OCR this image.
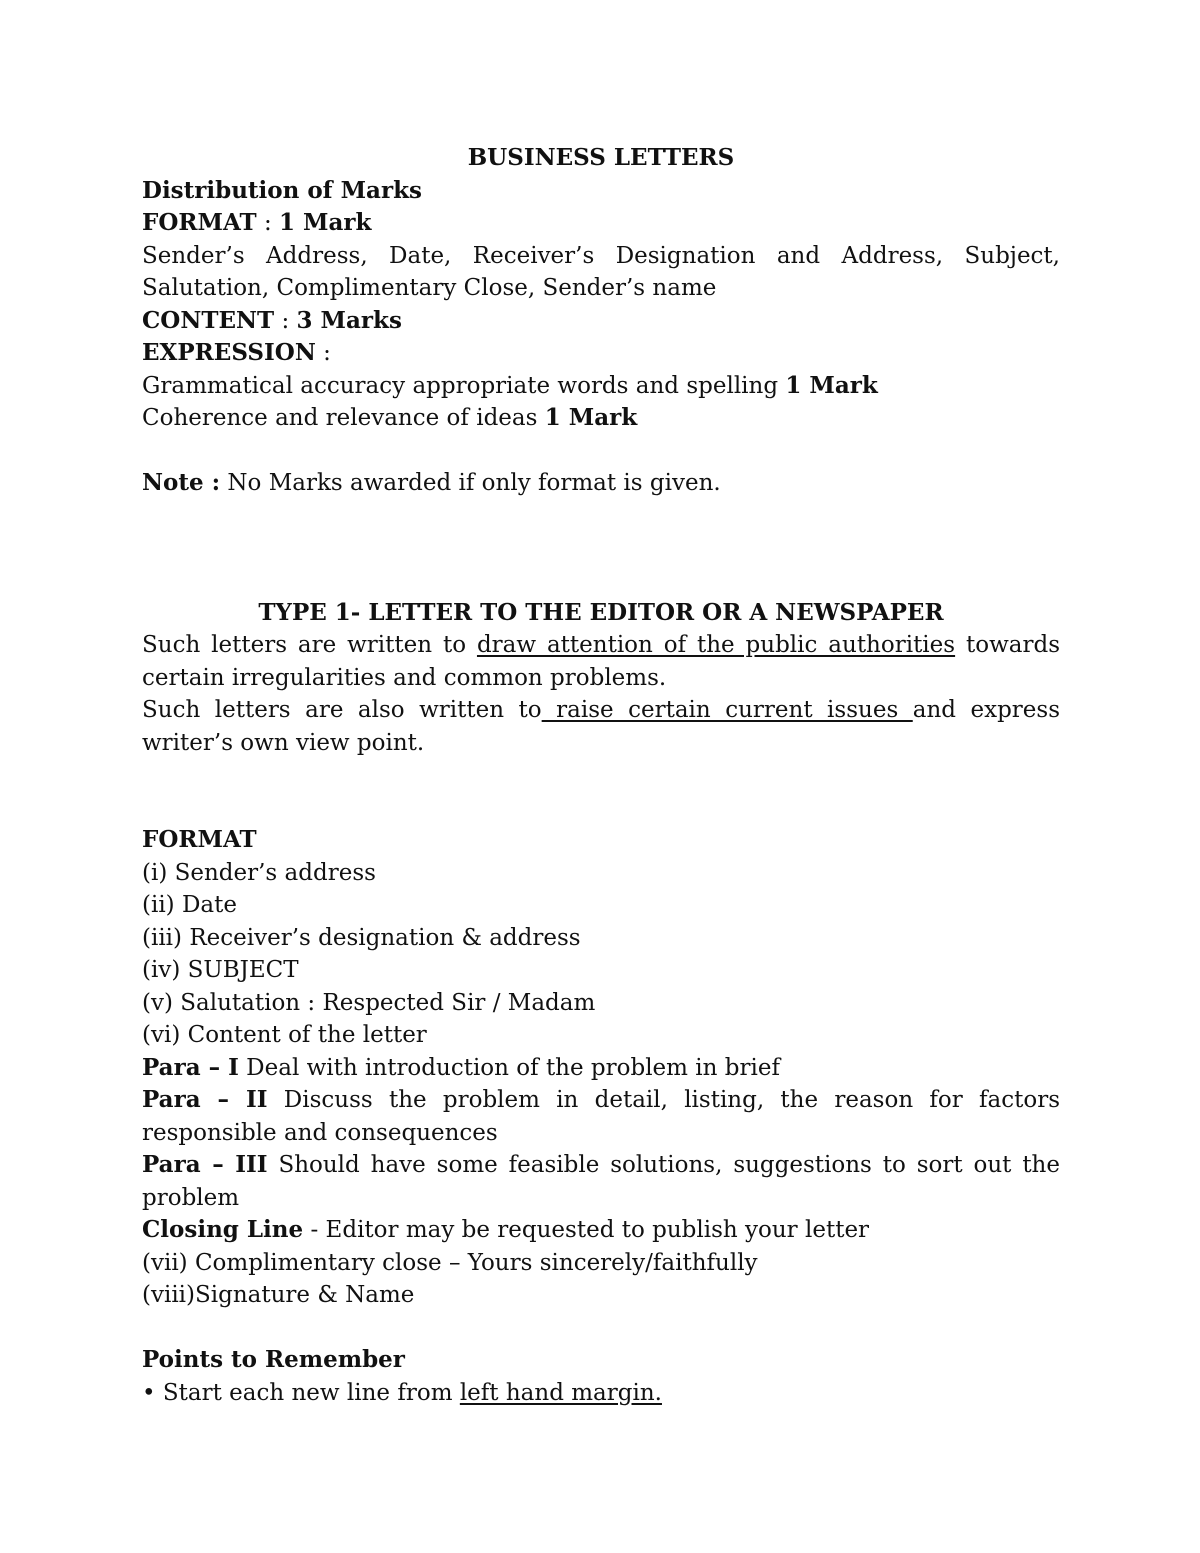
BUSINESS LETTERS
Distribution of Marks
FORMAT : 1 Mark
Sender’s Address, Date, Receiver’s Designation and Address, Subject,
Salutation, Complimentary Close, Sender’s name
CONTENT : 3 Marks
EXPRESSION :
Grammatical accuracy appropriate words and spelling 1 Mark
Coherence and relevance of ideas 1 Mark
Note : No Marks awarded if only format is given.
TYPE 1- LETTER TO THE EDITOR OR A NEWSPAPER
Such letters are written to draw attention of the public authorities towards
certain irregularities and common problems.
Such letters are also written to raise certain current issues and express
writer’s own view point.
FORMAT
(i) Sender’s address
(ii) Date
(iii) Receiver’s designation & address
(iv) SUBJECT
(v) Salutation : Respected Sir / Madam
(vi) Content of the letter
Para – I Deal with introduction of the problem in brief
Para – II Discuss the problem in detail, listing, the reason for factors
responsible and consequences
Para – III Should have some feasible solutions, suggestions to sort out the
problem
Closing Line - Editor may be requested to publish your letter
(vii) Complimentary close – Yours sincerely/faithfully
(viii)Signature & Name
Points to Remember
• Start each new line from left hand margin.
